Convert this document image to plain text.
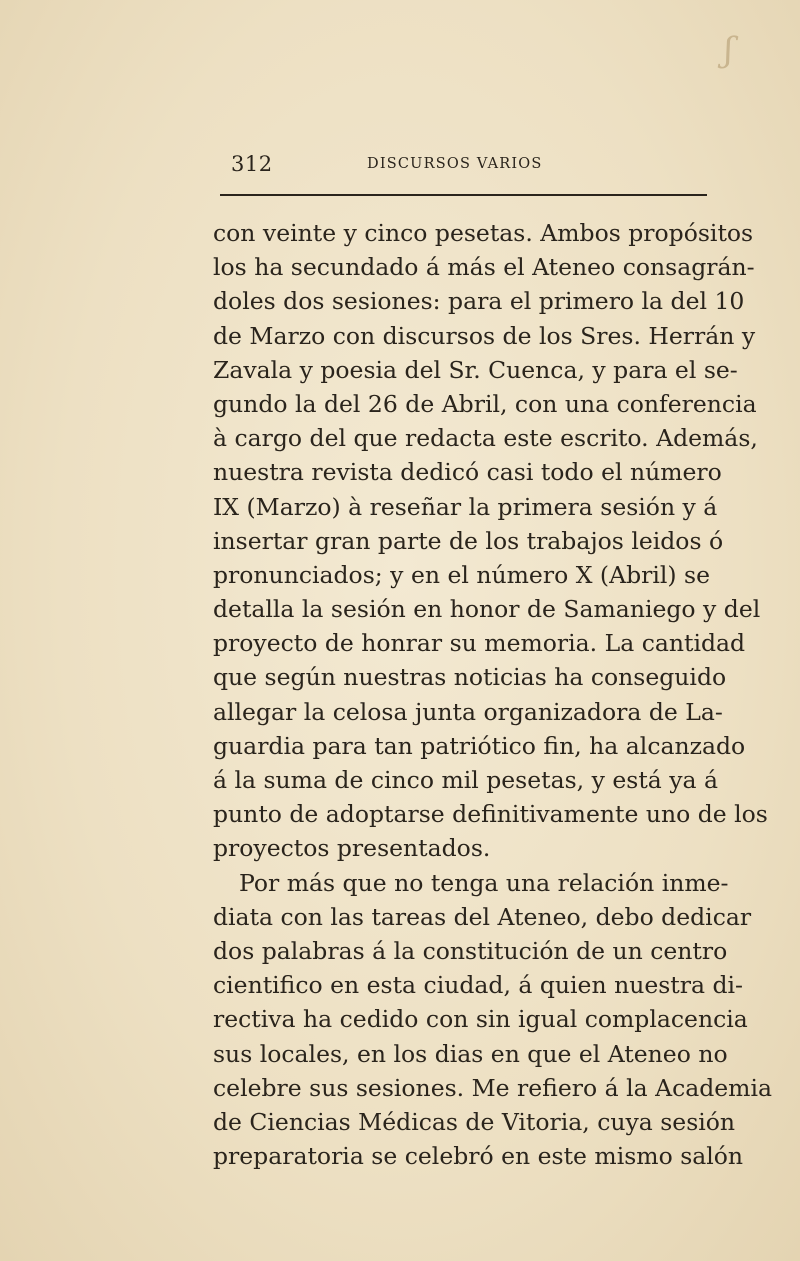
ʃ
312	DISCURSOS VARIOS
con veinte y cinco pesetas. Ambos propósitos
los ha secundado á más el Ateneo consagrán-
doles dos sesiones: para el primero la del 10
de Marzo con discursos de los Sres. Herrán y
Zavala y poesia del Sr. Cuenca, y para el se-
gundo la del 26 de Abril, con una conferencia
à cargo del que redacta este escrito. Además,
nuestra revista dedicó casi todo el número
IX (Marzo) à reseñar la primera sesión y á
insertar gran parte de los trabajos leidos ó
pronunciados; y en el número X (Abril) se
detalla la sesión en honor de Samaniego y del
proyecto de honrar su memoria. La cantidad
que según nuestras noticias ha conseguido
allegar la celosa junta organizadora de La-
guardia para tan patriótico fin, ha alcanzado
á la suma de cinco mil pesetas, y está ya á
punto de adoptarse definitivamente uno de los
proyectos presentados.
Por más que no tenga una relación inme-
diata con las tareas del Ateneo, debo dedicar
dos palabras á la constitución de un centro
cientifico en esta ciudad, á quien nuestra di-
rectiva ha cedido con sin igual complacencia
sus locales, en los dias en que el Ateneo no
celebre sus sesiones. Me refiero á la Academia
de Ciencias Médicas de Vitoria, cuya sesión
preparatoria se celebró en este mismo salón
